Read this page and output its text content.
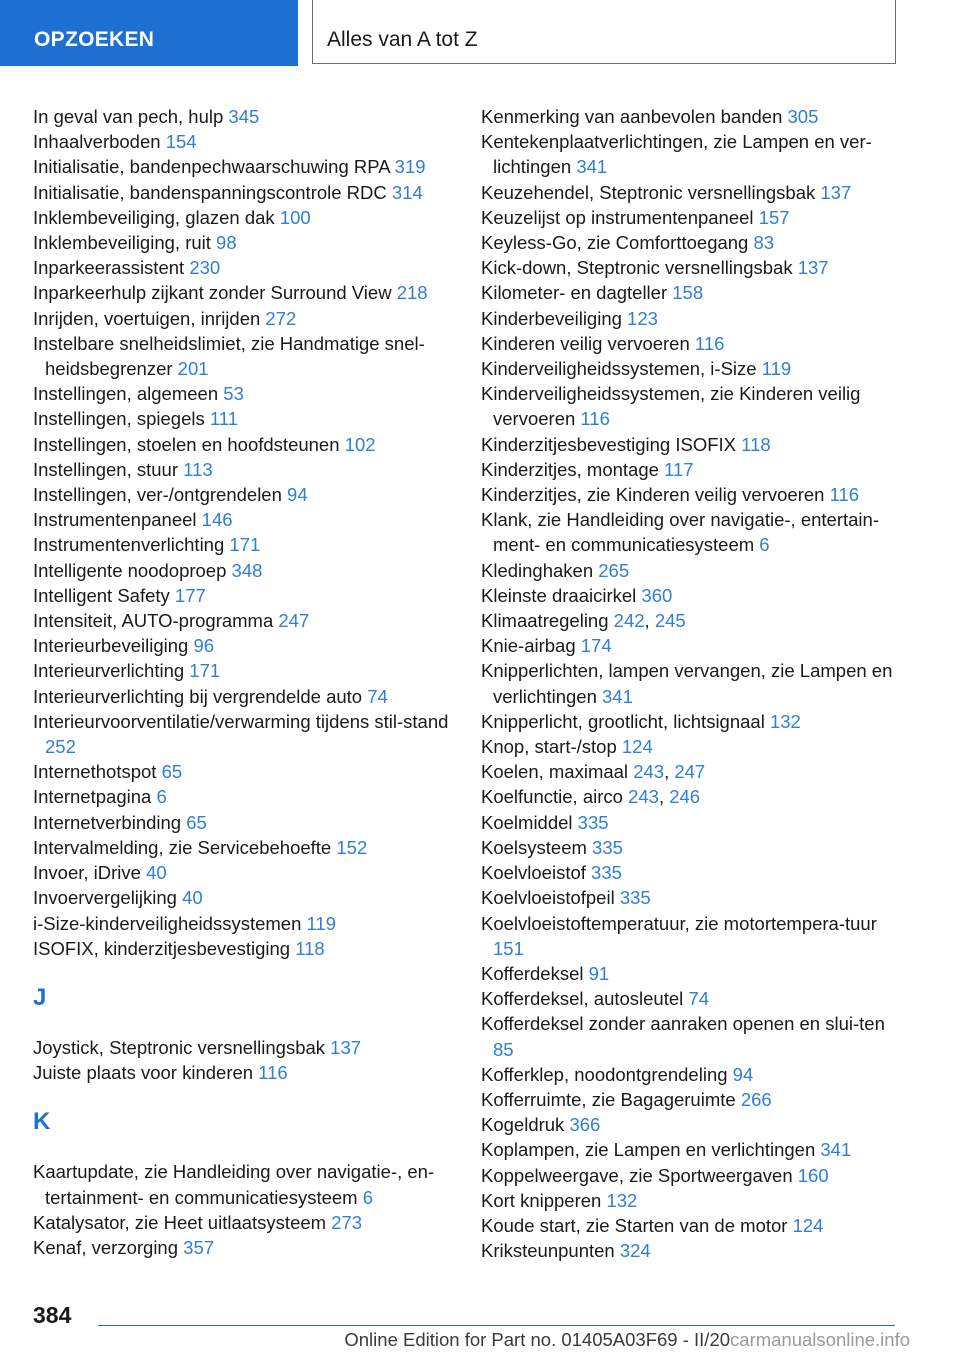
OPZOEKEN	Alles van A tot Z
In geval van pech, hulp 345
Inhaalverboden 154
Initialisatie, bandenpechwaarschuwing RPA 319
Initialisatie, bandenspanningscontrole RDC 314
Inklembeveiliging, glazen dak 100
Inklembeveiliging, ruit 98
Inparkeerassistent 230
Inparkeerhulp zijkant zonder Surround View 218
Inrijden, voertuigen, inrijden 272
Instelbare snelheidslimiet, zie Handmatige snel-heidsbegrenzer 201
Instellingen, algemeen 53
Instellingen, spiegels 111
Instellingen, stoelen en hoofdsteunen 102
Instellingen, stuur 113
Instellingen, ver-/ontgrendelen 94
Instrumentenpaneel 146
Instrumentenverlichting 171
Intelligente noodoproep 348
Intelligent Safety 177
Intensiteit, AUTO-programma 247
Interieurbeveiliging 96
Interieurverlichting 171
Interieurverlichting bij vergrendelde auto 74
Interieurvoorventilatie/verwarming tijdens stil-stand 252
Internethotspot 65
Internetpagina 6
Internetverbinding 65
Intervalmelding, zie Servicebehoefte 152
Invoer, iDrive 40
Invoervergelijking 40
i-Size-kinderveiligheidssystemen 119
ISOFIX, kinderzitjesbevestiging 118
J
Joystick, Steptronic versnellingsbak 137
Juiste plaats voor kinderen 116
K
Kaartupdate, zie Handleiding over navigatie-, en-tertainment- en communicatiesysteem 6
Katalysator, zie Heet uitlaatsysteem 273
Kenaf, verzorging 357
Kenmerking van aanbevolen banden 305
Kentekenplaatverlichtingen, zie Lampen en ver-lichtingen 341
Keuzehendel, Steptronic versnellingsbak 137
Keuzelijst op instrumentenpaneel 157
Keyless-Go, zie Comforttoegang 83
Kick-down, Steptronic versnellingsbak 137
Kilometer- en dagteller 158
Kinderbeveiliging 123
Kinderen veilig vervoeren 116
Kinderveiligheidssystemen, i-Size 119
Kinderveiligheidssystemen, zie Kinderen veilig vervoeren 116
Kinderzitjesbevestiging ISOFIX 118
Kinderzitjes, montage 117
Kinderzitjes, zie Kinderen veilig vervoeren 116
Klank, zie Handleiding over navigatie-, entertain-ment- en communicatiesysteem 6
Kledinghaken 265
Kleinste draaicirkel 360
Klimaatregeling 242, 245
Knie-airbag 174
Knipperlichten, lampen vervangen, zie Lampen en verlichtingen 341
Knipperlicht, grootlicht, lichtsignaal 132
Knop, start-/stop 124
Koelen, maximaal 243, 247
Koelfunctie, airco 243, 246
Koelmiddel 335
Koelsysteem 335
Koelvloeistof 335
Koelvloeistofpeil 335
Koelvloeistoftemperatuur, zie motortempera-tuur 151
Kofferdeksel 91
Kofferdeksel, autosleutel 74
Kofferdeksel zonder aanraken openen en slui-ten 85
Kofferklep, noodontgrendeling 94
Kofferruimte, zie Bagageruimte 266
Kogeldruk 366
Koplampen, zie Lampen en verlichtingen 341
Koppelweergave, zie Sportweergaven 160
Kort knipperen 132
Koude start, zie Starten van de motor 124
Kriksteunpunten 324
384
Online Edition for Part no. 01405A03F69 - II/20carmanualsonline.info
